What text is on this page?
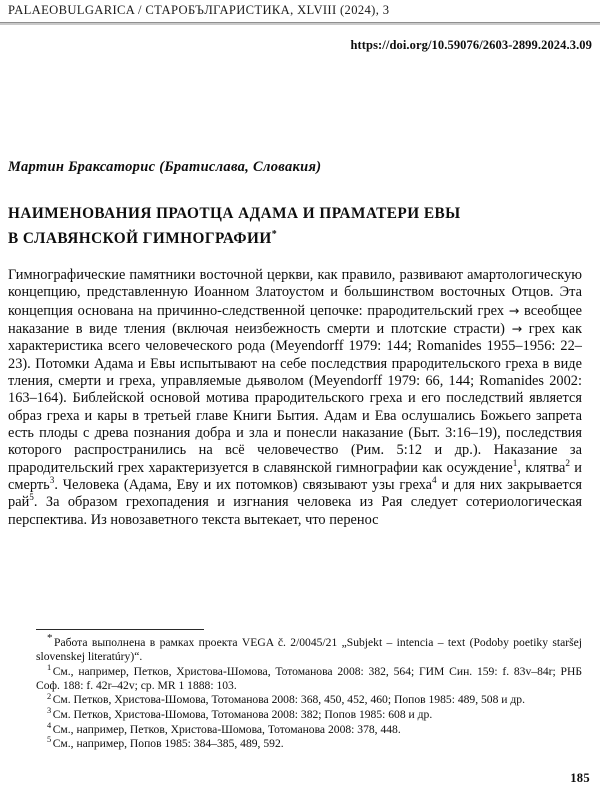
PALAEOBULGARICA / СТАРОБЪЛГАРИСТИКА, XLVIII (2024), 3
https://doi.org/10.59076/2603-2899.2024.3.09
Мартин Браксаторис (Братислава, Словакия)
НАИМЕНОВАНИЯ ПРАОТЦА АДАМА И ПРАМАТЕРИ ЕВЫ
В СЛАВЯНСКОЙ ГИМНОГРАФИИ*

Гимнографические памятники восточной церкви, как правило, развивают амартологическую концепцию, представленную Иоанном Златоустом и большинством восточных Отцов. Эта концепция основана на причинно-следственной цепочке: прародительский грех → всеобщее наказание в виде тления (включая неизбежность смерти и плотские страсти) → грех как характеристика всего человеческого рода (Meyendorff 1979: 144; Romanides 1955–1956: 22–23). Потомки Адама и Евы испытывают на себе последствия прародительского греха в виде тления, смерти и греха, управляемые дьяволом (Meyendorff 1979: 66, 144; Romanides 2002: 163–164). Библейской основой мотива прародительского греха и его последствий является образ греха и кары в третьей главе Книги Бытия. Адам и Ева ослушались Божьего запрета есть плоды с древа познания добра и зла и понесли наказание (Быт. 3:16–19), последствия которого распространились на всё человечество (Рим. 5:12 и др.). Наказание за прародительский грех характеризуется в славянской гимнографии как осуждение$^1$, клятва$^2$ и смерть$^3$. Человека (Адама, Еву и их потомков) связывают узы греха$^4$ и для них закрывается рай$^5$. За образом грехопадения и изгнания человека из Рая следует сотериологическая перспектива. Из новозаветного текста вытекает, что перенос

* Работа выполнена в рамках проекта VEGA č. 2/0045/21 „Subjekt – intencia – text (Podoby poetiky staršej slovenskej literatúry)“.

$^1$ См., например, Петков, Христова-Шомова, Тотоманова 2008: 382, 564; ГИМ Син. 159: f. 83v–84r; РНБ Соф. 188: f. 42r–42v; ср. MR 1 1888: 103.

$^2$ См. Петков, Христова-Шомова, Тотоманова 2008: 368, 450, 452, 460; Попов 1985: 489, 508 и др.

$^3$ См. Петков, Христова-Шомова, Тотоманова 2008: 382; Попов 1985: 608 и др.

$^4$ См., например, Петков, Христова-Шомова, Тотоманова 2008: 378, 448.

$^5$ См., например, Попов 1985: 384–385, 489, 592.

185
